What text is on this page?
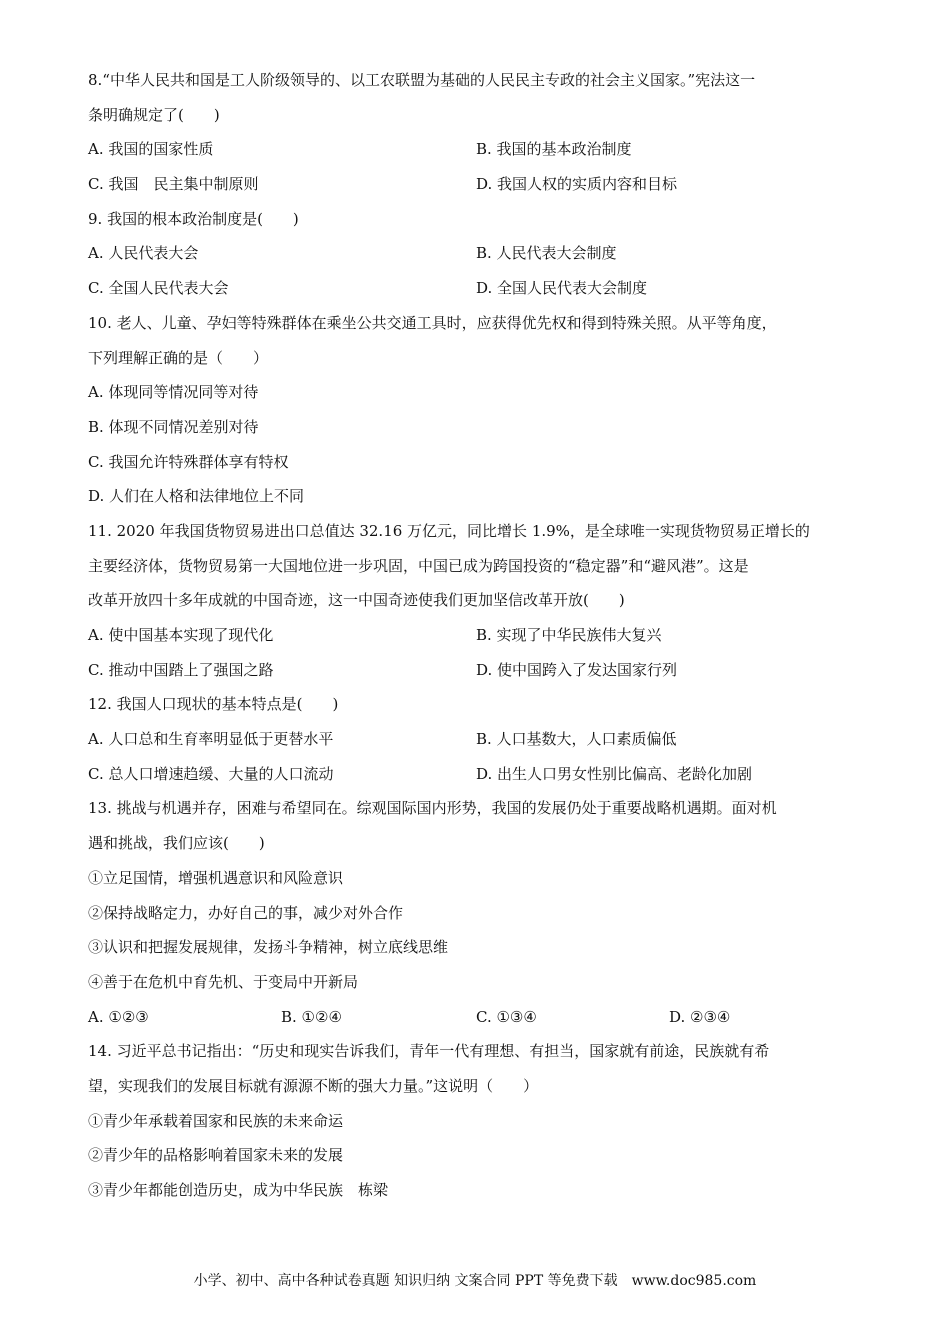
8.“中华人民共和国是工人阶级领导的、以工农联盟为基础的人民民主专政的社会主义国家。”宪法这一
条明确规定了(　　)
A. 我国的国家性质	B. 我国的基本政治制度
C. 我国　民主集中制原则	D. 我国人权的实质内容和目标
9. 我国的根本政治制度是(　　)
A. 人民代表大会	B. 人民代表大会制度
C. 全国人民代表大会	D. 全国人民代表大会制度
10. 老人、儿童、孕妇等特殊群体在乘坐公共交通工具时，应获得优先权和得到特殊关照。从平等角度，
下列理解正确的是（　　）
A. 体现同等情况同等对待
B. 体现不同情况差别对待
C. 我国允许特殊群体享有特权
D. 人们在人格和法律地位上不同
11. 2020 年我国货物贸易进出口总值达 32.16 万亿元，同比增长 1.9%，是全球唯一实现货物贸易正增长的
主要经济体，货物贸易第一大国地位进一步巩固，中国已成为跨国投资的“稳定器”和“避风港”。这是
改革开放四十多年成就的中国奇迹，这一中国奇迹使我们更加坚信改革开放(　　)
A. 使中国基本实现了现代化	B. 实现了中华民族伟大复兴
C. 推动中国踏上了强国之路	D. 使中国跨入了发达国家行列
12. 我国人口现状的基本特点是(　　)
A. 人口总和生育率明显低于更替水平	B. 人口基数大，人口素质偏低
C. 总人口增速趋缓、大量的人口流动	D. 出生人口男女性别比偏高、老龄化加剧
13. 挑战与机遇并存，困难与希望同在。综观国际国内形势，我国的发展仍处于重要战略机遇期。面对机
遇和挑战，我们应该(　　)
①立足国情，增强机遇意识和风险意识
②保持战略定力，办好自己的事，减少对外合作
③认识和把握发展规律，发扬斗争精神，树立底线思维
④善于在危机中育先机、于变局中开新局
A. ①②③	B. ①②④	C. ①③④	D. ②③④
14. 习近平总书记指出：“历史和现实告诉我们，青年一代有理想、有担当，国家就有前途，民族就有希
望，实现我们的发展目标就有源源不断的强大力量。”这说明（　　）
①青少年承载着国家和民族的未来命运
②青少年的品格影响着国家未来的发展
③青少年都能创造历史，成为中华民族　栋梁
小学、初中、高中各种试卷真题 知识归纳 文案合同 PPT 等免费下载　www.doc985.com
